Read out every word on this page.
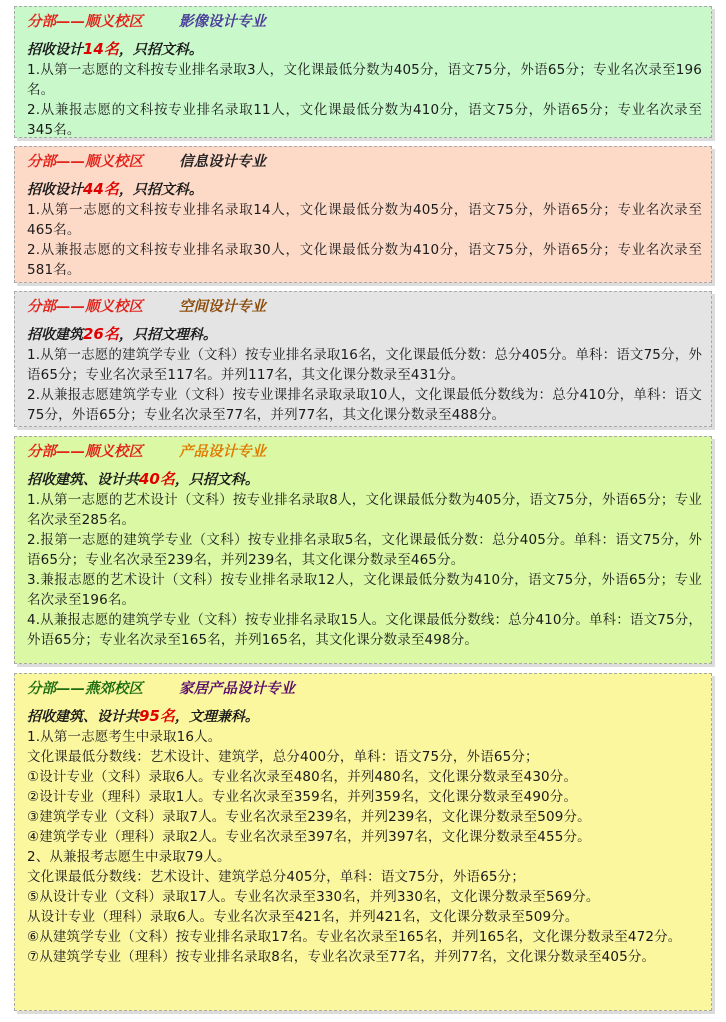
分部——顺义校区 影像设计专业
招收设计14名，只招文科。
1.从第一志愿的文科按专业排名录取3人，文化课最低分数为405分，语文75分，外语65分；专业名次录至196名。
2.从兼报志愿的文科按专业排名录取11人，文化课最低分数为410分，语文75分，外语65分；专业名次录至345名。
分部——顺义校区 信息设计专业
招收设计44名，只招文科。
1.从第一志愿的文科按专业排名录取14人，文化课最低分数为405分，语文75分，外语65分；专业名次录至465名。
2.从兼报志愿的文科按专业排名录取30人，文化课最低分数为410分，语文75分，外语65分；专业名次录至581名。
分部——顺义校区 空间设计专业
招收建筑26名，只招文理科。
1.从第一志愿的建筑学专业（文科）按专业排名录取16名，文化课最低分数：总分405分。单科：语文75分，外语65分；专业名次录至117名。并列117名，其文化课分数录至431分。
2.从兼报志愿建筑学专业（文科）按专业课排名录取录取10人，文化课最低分数线为：总分410分，单科：语文75分，外语65分；专业名次录至77名，并列77名，其文化课分数录至488分。
分部——顺义校区 产品设计专业
招收建筑、设计共40名，只招文科。
1.从第一志愿的艺术设计（文科）按专业排名录取8人，文化课最低分数为405分，语文75分，外语65分；专业名次录至285名。
2.报第一志愿的建筑学专业（文科）按专业排名录取5名，文化课最低分数：总分405分。单科：语文75分，外语65分；专业名次录至239名，并列239名，其文化课分数录至465分。
3.兼报志愿的艺术设计（文科）按专业排名录取12人，文化课最低分数为410分，语文75分，外语65分；专业名次录至196名。
4.从兼报志愿的建筑学专业（文科）按专业排名录取15人。文化课最低分数线：总分410分。单科：语文75分，外语65分；专业名次录至165名，并列165名，其文化课分数录至498分。
分部——燕郊校区 家居产品设计专业
招收建筑、设计共95名，文理兼科。
1.从第一志愿考生中录取16人。
文化课最低分数线：艺术设计、建筑学，总分400分，单科：语文75分，外语65分；
①设计专业（文科）录取6人。专业名次录至480名，并列480名，文化课分数录至430分。
②设计专业（理科）录取1人。专业名次录至359名，并列359名，文化课分数录至490分。
③建筑学专业（文科）录取7人。专业名次录至239名，并列239名，文化课分数录至509分。
④建筑学专业（理科）录取2人。专业名次录至397名，并列397名，文化课分数录至455分。
2、从兼报考志愿生中录取79人。
文化课最低分数线：艺术设计、建筑学总分405分，单科：语文75分，外语65分；
⑤从设计专业（文科）录取17人。专业名次录至330名，并列330名，文化课分数录至569分。
从设计专业（理科）录取6人。专业名次录至421名，并列421名，文化课分数录至509分。
⑥从建筑学专业（文科）按专业排名录取17名。专业名次录至165名，并列165名，文化课分数录至472分。
⑦从建筑学专业（理科）按专业排名录取8名，专业名次录至77名，并列77名，文化课分数录至405分。
